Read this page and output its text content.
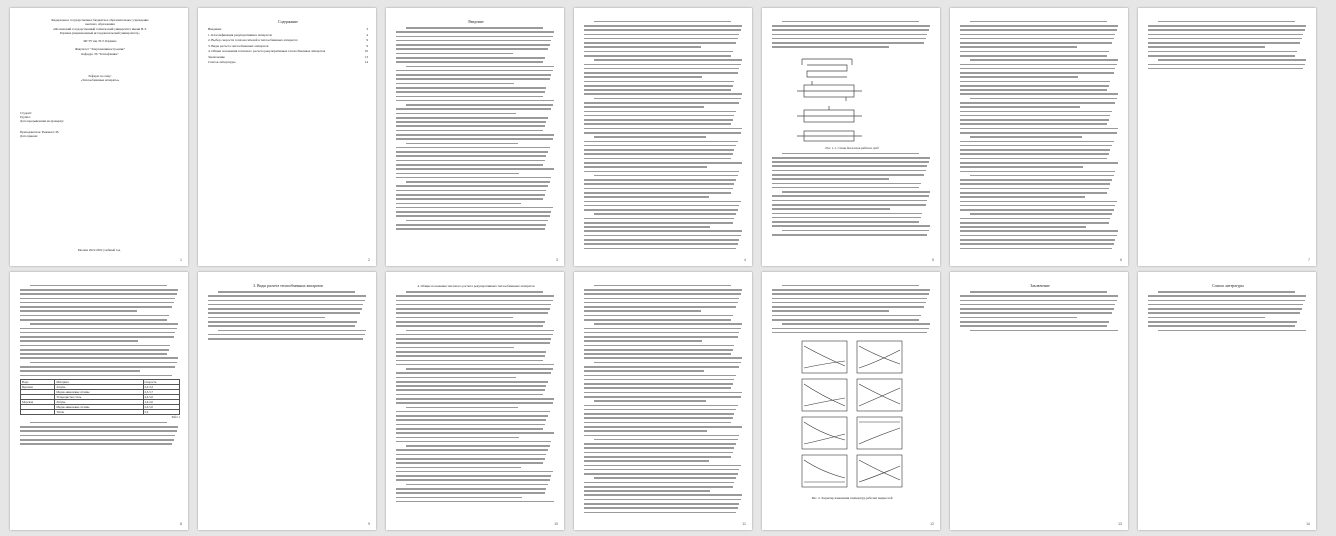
Федеральное государственное бюджетное образовательное учреждение
высшего образования
«Московский государственный технический университет имени Н.Э.
Баумана (национальный исследовательский университет)»
МГТУ им. Н.Э. Баумана
Факультет "Энергомашиностроение"
Кафедра Э6 "Теплофизика"
Реферат на тему:
«Теплообменные аппараты»
Студент:
Группа:
Дата предъявления на проверку:
Преподаватель: Рыжков С.В.
Дата приема:
Москва 2021/2022 учебный год
1
Содержание
Введение	3
1. Классификация рекуперативных аппаратов	4
2. Выбор скорости теплоносителей в теплообменных аппаратах	9
3. Виды расчета теплообменных аппаратов	9
4. Общие положения теплового расчета рекуперативных теплообменных аппаратов	10
Заключение	13
Список литературы	14
2
Введение
3	4
Рис. 1.1. Схема движения рабочих сред
5	6	7
Вода	Материал	Скорость
Пресная	Латунь	2,0-3,2
	Медно-никелевые сплавы	2,3-5,7
	Углеродистая сталь	4,0-5,0
Морская	Латунь	1,0-2,0
	Медно-никелевые сплавы	2,0-5,0
	Титан	5,0
Табл 1
8
3. Виды расчета теплообменных аппаратов
9
4. Общие положения теплового расчета рекуперативных теплообменных аппаратов
10	11
Рис. 2. Характер изменения температур рабочих жидкостей
12
Заключение
13
Список литературы
14
